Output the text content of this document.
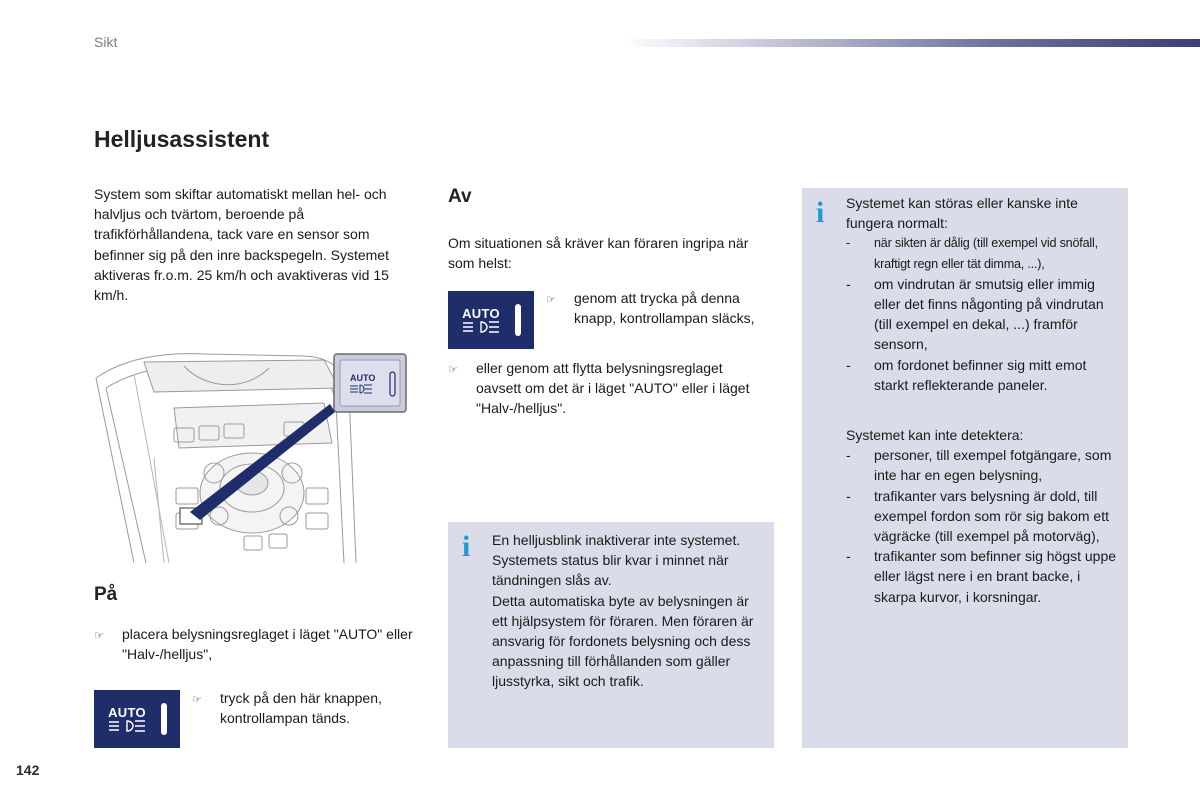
Sikt
Helljusassistent
System som skiftar automatiskt mellan hel- och halvljus och tvärtom, beroende på trafikförhållandena, tack vare en sensor som befinner sig på den inre backspegeln. Systemet aktiveras fr.o.m. 25 km/h och avaktiveras vid 15 km/h.
AUTO
På
☞	placera belysningsreglaget i läget "AUTO" eller "Halv-/helljus",
AUTO
☞	tryck på den här knappen, kontrollampan tänds.
Av
Om situationen så kräver kan föraren ingripa när som helst:
AUTO
☞	genom att trycka på denna knapp, kontrollampan släcks,
☞	eller genom att flytta belysningsreglaget oavsett om det är i läget "AUTO" eller i läget "Halv-/helljus".
i En helljusblink inaktiverar inte systemet. Systemets status blir kvar i minnet när tändningen slås av.
Detta automatiska byte av belysningen är ett hjälpsystem för föraren. Men föraren är ansvarig för fordonets belysning och dess anpassning till förhållanden som gäller ljusstyrka, sikt och trafik.
i Systemet kan störas eller kanske inte fungera normalt:
-	när sikten är dålig (till exempel vid snöfall, kraftigt regn eller tät dimma, ...),
-	om vindrutan är smutsig eller immig eller det finns någonting på vindrutan (till exempel en dekal, ...) framför sensorn,
-	om fordonet befinner sig mitt emot starkt reflekterande paneler.
Systemet kan inte detektera:
-	personer, till exempel fotgängare, som inte har en egen belysning,
-	trafikanter vars belysning är dold, till exempel fordon som rör sig bakom ett vägräcke (till exempel på motorväg),
-	trafikanter som befinner sig högst uppe eller lägst nere i en brant backe, i skarpa kurvor, i korsningar.
142
